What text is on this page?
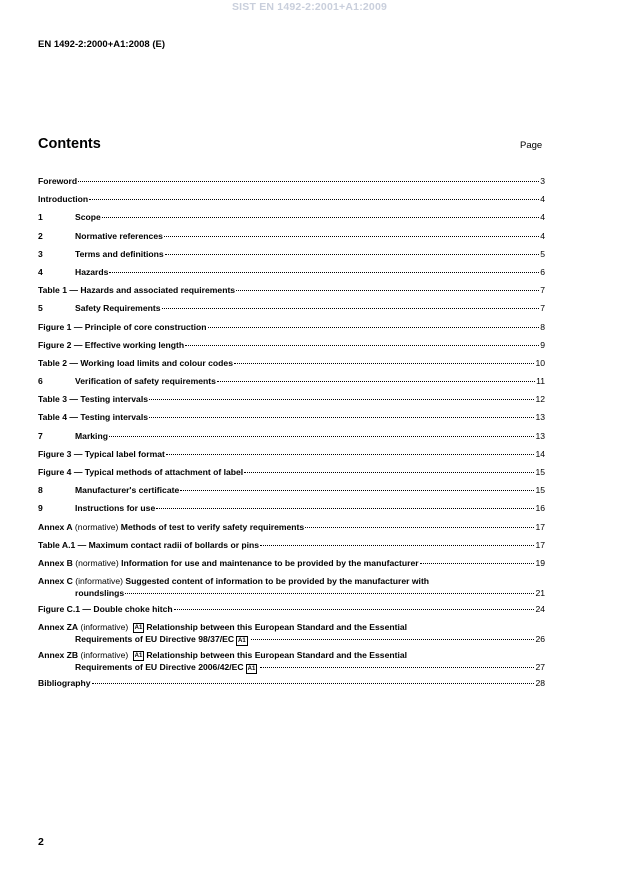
SIST EN 1492-2:2001+A1:2009
EN 1492-2:2000+A1:2008 (E)
Contents	Page
Foreword	3
Introduction	4
1	Scope	4
2	Normative references	4
3	Terms and definitions	5
4	Hazards	6
Table 1 — Hazards and associated requirements	7
5	Safety Requirements	7
Figure 1 — Principle of core construction	8
Figure 2 — Effective working length	9
Table 2 — Working load limits and colour codes	10
6	Verification of safety requirements	11
Table 3 — Testing intervals	12
Table 4 — Testing intervals	13
7	Marking	13
Figure 3 — Typical label format	14
Figure 4 — Typical methods of attachment of label	15
8	Manufacturer's certificate	15
9	Instructions for use	16
Annex A (normative) Methods of test to verify safety requirements	17
Table A.1 — Maximum contact radii of bollards or pins	17
Annex B (normative) Information for use and maintenance to be provided by the manufacturer	19
Annex C (informative) Suggested content of information to be provided by the manufacturer with
roundslings	21
Figure C.1 — Double choke hitch	24
Annex ZA (informative) A1 Relationship between this European Standard and the Essential
Requirements of EU Directive 98/37/EC A1	26
Annex ZB (informative) A1 Relationship between this European Standard and the Essential
Requirements of EU Directive 2006/42/EC A1	27
Bibliography	28
2
